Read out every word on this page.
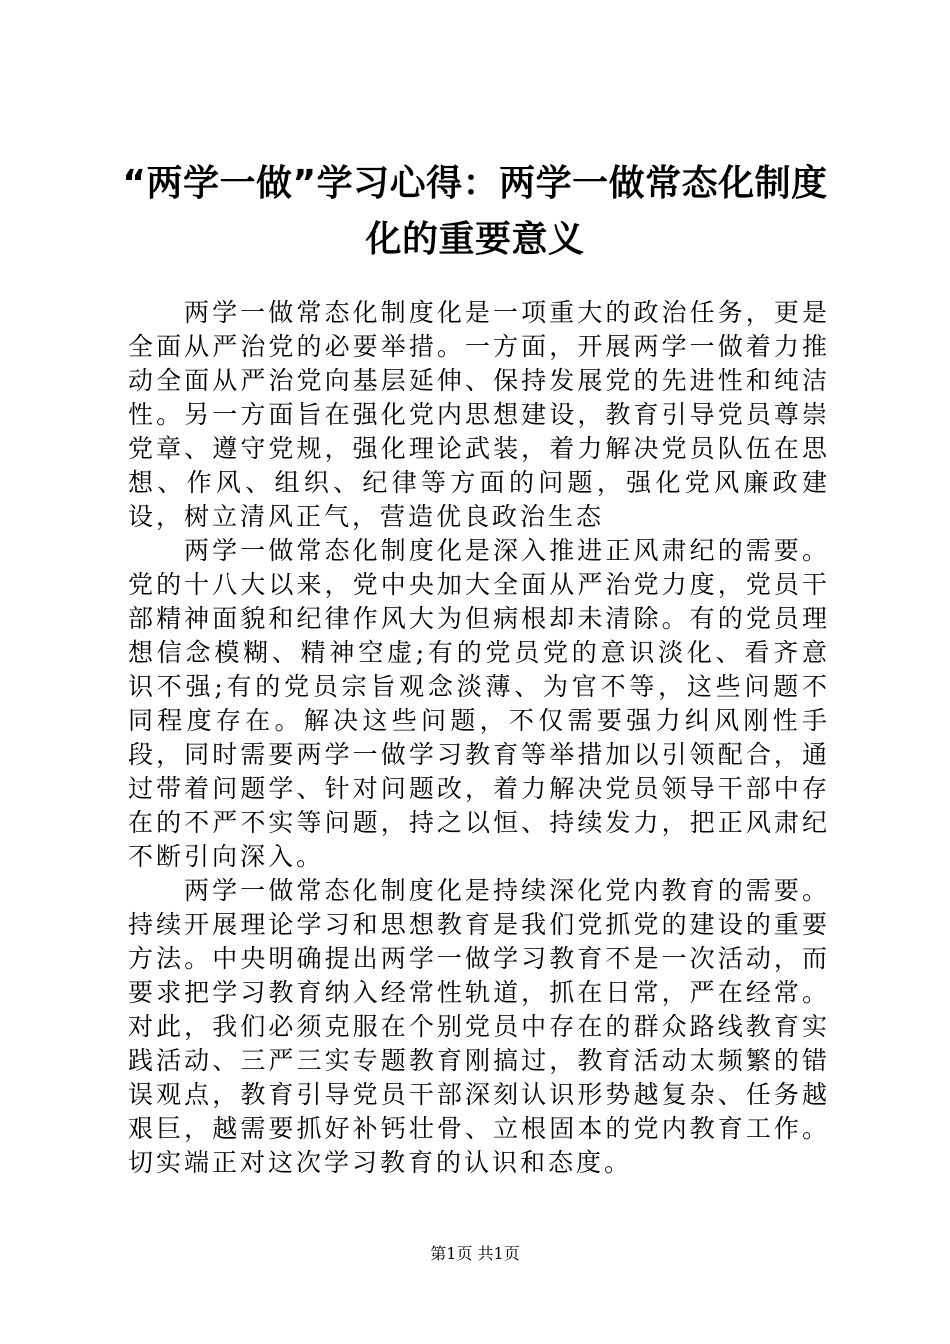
“两学一做”学习心得：两学一做常态化制度化的重要意义

两学一做常态化制度化是一项重大的政治任务，更是全面从严治党的必要举措。一方面，开展两学一做着力推动全面从严治党向基层延伸、保持发展党的先进性和纯洁性。另一方面旨在强化党内思想建设，教育引导党员尊崇党章、遵守党规，强化理论武装，着力解决党员队伍在思想、作风、组织、纪律等方面的问题，强化党风廉政建设，树立清风正气，营造优良政治生态

两学一做常态化制度化是深入推进正风肃纪的需要。党的十八大以来，党中央加大全面从严治党力度，党员干部精神面貌和纪律作风大为但病根却未清除。有的党员理想信念模糊、精神空虚;有的党员党的意识淡化、看齐意识不强;有的党员宗旨观念淡薄、为官不等，这些问题不同程度存在。解决这些问题，不仅需要强力纠风刚性手段，同时需要两学一做学习教育等举措加以引领配合，通过带着问题学、针对问题改，着力解决党员领导干部中存在的不严不实等问题，持之以恒、持续发力，把正风肃纪不断引向深入。

两学一做常态化制度化是持续深化党内教育的需要。持续开展理论学习和思想教育是我们党抓党的建设的重要方法。中央明确提出两学一做学习教育不是一次活动，而要求把学习教育纳入经常性轨道，抓在日常，严在经常。对此，我们必须克服在个别党员中存在的群众路线教育实践活动、三严三实专题教育刚搞过，教育活动太频繁的错误观点，教育引导党员干部深刻认识形势越复杂、任务越艰巨，越需要抓好补钙壮骨、立根固本的党内教育工作。切实端正对这次学习教育的认识和态度。

第1页 共1页
